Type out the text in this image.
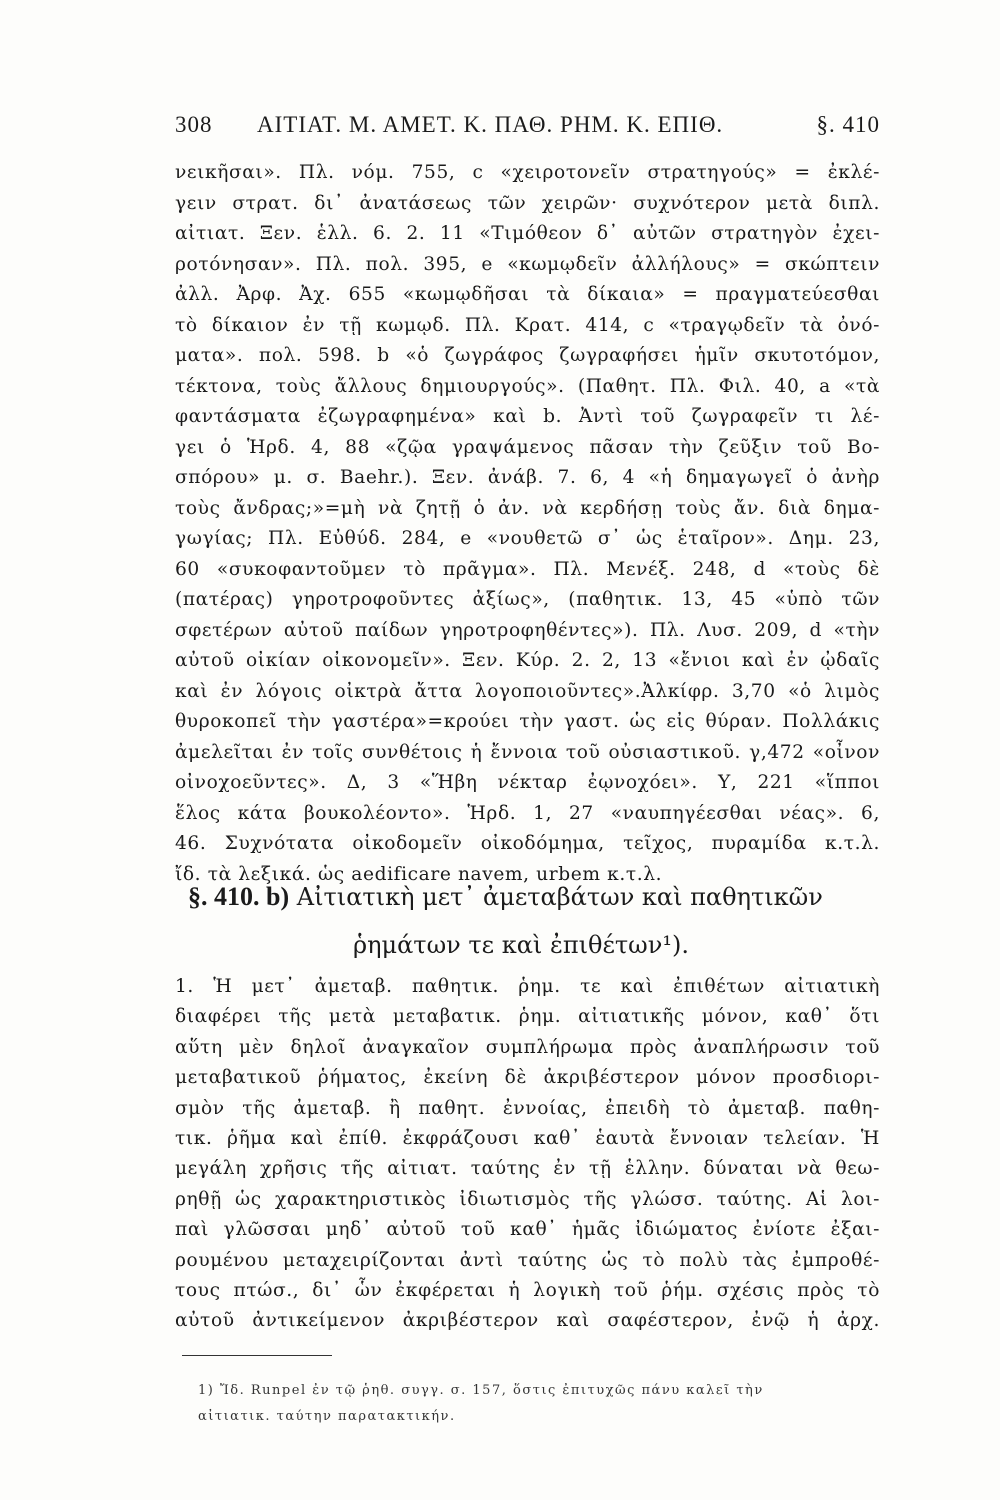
308 ΑΙΤΙΑΤ. Μ. ΑΜΕΤ. Κ. ΠΑΘ. ΡΗΜ. Κ. ΕΠΙΘ.	§. 410
νεικῆσαι». Πλ. νόμ. 755, c «χειροτονεῖν στρατηγούς» = ἐκλέ-
γειν στρατ. δι᾽ ἀνατάσεως τῶν χειρῶν· συχνότερον μετὰ διπλ.
αἰτιατ. Ξεν. ἑλλ. 6. 2. 11 «Τιμόθεον δ᾽ αὐτῶν στρατηγὸν ἐχει-
ροτόνησαν». Πλ. πολ. 395, e «κωμῳδεῖν ἀλλήλους» = σκώπτειν
ἀλλ. Ἀρφ. Ἀχ. 655 «κωμῳδῆσαι τὰ δίκαια» = πραγματεύεσθαι
τὸ δίκαιον ἐν τῇ κωμῳδ. Πλ. Κρατ. 414, c «τραγῳδεῖν τὰ ὀνό-
ματα». πολ. 598. b «ὁ ζωγράφος ζωγραφήσει ἡμῖν σκυτοτόμον,
τέκτονα, τοὺς ἄλλους δημιουργούς». (Παθητ. Πλ. Φιλ. 40, a «τὰ
φαντάσματα ἐζωγραφημένα» καὶ b. Ἀντὶ τοῦ ζωγραφεῖν τι λέ-
γει ὁ Ἡρδ. 4, 88 «ζῷα γραψάμενος πᾶσαν τὴν ζεῦξιν τοῦ Βο-
σπόρου» μ. σ. Baehr.). Ξεν. ἀνάβ. 7. 6, 4 «ἡ δημαγωγεῖ ὁ ἀνὴρ
τοὺς ἄνδρας;»=μὴ νὰ ζητῇ ὁ ἀν. νὰ κερδήσῃ τοὺς ἄν. διὰ δημα-
γωγίας; Πλ. Εὐθύδ. 284, e «νουθετῶ σ᾽ ὡς ἑταῖρον». Δημ. 23,
60 «συκοφαντοῦμεν τὸ πρᾶγμα». Πλ. Μενέξ. 248, d «τοὺς δὲ
(πατέρας) γηροτροφοῦντες ἀξίως», (παθητικ. 13, 45 «ὑπὸ τῶν
σφετέρων αὐτοῦ παίδων γηροτροφηθέντες»). Πλ. Λυσ. 209, d «τὴν
αὐτοῦ οἰκίαν οἰκονομεῖν». Ξεν. Κύρ. 2. 2, 13 «ἔνιοι καὶ ἐν ᾠδαῖς
καὶ ἐν λόγοις οἰκτρὰ ἄττα λογοποιοῦντες».Ἀλκίφρ. 3,70 «ὁ λιμὸς
θυροκοπεῖ τὴν γαστέρα»=κρούει τὴν γαστ. ὡς εἰς θύραν. Πολλάκις
ἀμελεῖται ἐν τοῖς συνθέτοις ἡ ἔννοια τοῦ οὐσιαστικοῦ. γ,472 «οἶνον
οἰνοχοεῦντες». Δ, 3 «Ἥβη νέκταρ ἐῳνοχόει». Υ, 221 «ἵπποι
ἕλος κάτα βουκολέοντο». Ἡρδ. 1, 27 «ναυπηγέεσθαι νέας». 6,
46. Συχνότατα οἰκοδομεῖν οἰκοδόμημα, τεῖχος, πυραμίδα κ.τ.λ.
ἴδ. τὰ λεξικά. ὡς aedificare navem, urbem κ.τ.λ.
§. 410. b) Αἰτιατικὴ μετ᾽ ἀμεταβάτων καὶ παθητικῶν
ῥημάτων τε καὶ ἐπιθέτων¹).
1. Ἡ μετ᾽ ἀμεταβ. παθητικ. ῥημ. τε καὶ ἐπιθέτων αἰτιατικὴ
διαφέρει τῆς μετὰ μεταβατικ. ῥημ. αἰτιατικῆς μόνον, καθ᾽ ὅτι
αὕτη μὲν δηλοῖ ἀναγκαῖον συμπλήρωμα πρὸς ἀναπλήρωσιν τοῦ
μεταβατικοῦ ῥήματος, ἐκείνη δὲ ἀκριβέστερον μόνον προσδιορι-
σμὸν τῆς ἀμεταβ. ἢ παθητ. ἐννοίας, ἐπειδὴ τὸ ἀμεταβ. παθη-
τικ. ῥῆμα καὶ ἐπίθ. ἐκφράζουσι καθ᾽ ἑαυτὰ ἔννοιαν τελείαν. Ἡ
μεγάλη χρῆσις τῆς αἰτιατ. ταύτης ἐν τῇ ἑλλην. δύναται νὰ θεω-
ρηθῇ ὡς χαρακτηριστικὸς ἰδιωτισμὸς τῆς γλώσσ. ταύτης. Αἱ λοι-
παὶ γλῶσσαι μηδ᾽ αὐτοῦ τοῦ καθ᾽ ἡμᾶς ἰδιώματος ἐνίοτε ἐξαι-
ρουμένου μεταχειρίζονται ἀντὶ ταύτης ὡς τὸ πολὺ τὰς ἐμπροθέ-
τους πτώσ., δι᾽ ὧν ἐκφέρεται ἡ λογικὴ τοῦ ῥήμ. σχέσις πρὸς τὸ
αὐτοῦ ἀντικείμενον ἀκριβέστερον καὶ σαφέστερον, ἐνῷ ἡ ἀρχ.
1) Ἴδ. Runpel ἐν τῷ ῥηθ. συγγ. σ. 157, ὅστις ἐπιτυχῶς πάνυ καλεῖ τὴν
αἰτιατικ. ταύτην παρατακτικήν.
